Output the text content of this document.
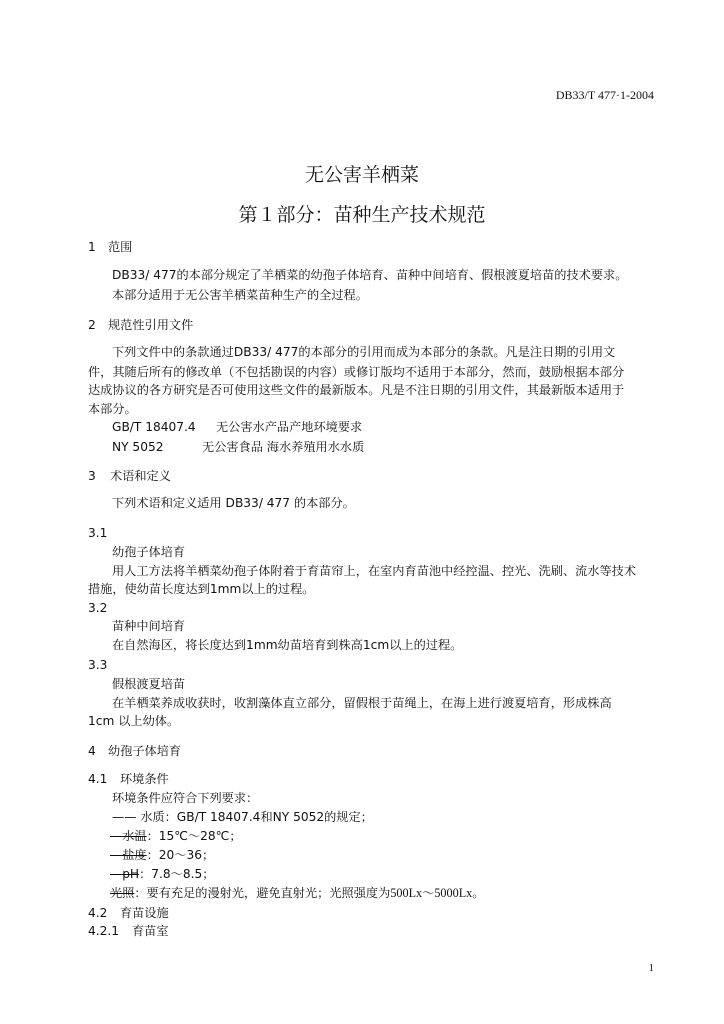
DB33/T 477·1-2004
无公害羊栖菜
第１部分：苗种生产技术规范
1 范围
DB33/ 477的本部分规定了羊栖菜的幼孢子体培育、苗种中间培育、假根渡夏培苗的技术要求。
本部分适用于无公害羊栖菜苗种生产的全过程。
2 规范性引用文件
下列文件中的条款通过DB33/ 477的本部分的引用而成为本部分的条款。凡是注日期的引用文
件，其随后所有的修改单（不包括勘误的内容）或修订版均不适用于本部分，然而，鼓励根据本部分
达成协议的各方研究是否可使用这些文件的最新版本。凡是不注日期的引用文件，其最新版本适用于
本部分。
GB/T 18407.4 无公害水产品产地环境要求
NY 5052	无公害食品 海水养殖用水水质
3 术语和定义
下列术语和定义适用 DB33/ 477 的本部分。
3.1
幼孢子体培育
用人工方法将羊栖菜幼孢子体附着于育苗帘上，在室内育苗池中经控温、控光、洗刷、流水等技术
措施，使幼苗长度达到1mm以上的过程。
3.2
苗种中间培育
在自然海区，将长度达到1mm幼苗培育到株高1cm以上的过程。
3.3
假根渡夏培苗
在羊栖菜养成收获时，收割藻体直立部分，留假根于苗绳上，在海上进行渡夏培育，形成株高
1cm 以上幼体。
4 幼孢子体培育
4.1 环境条件
环境条件应符合下列要求：
—— 水质：GB/T 18407.4和NY 5052的规定；
—水温：15℃～28℃；
—盐度：20～36；
—pH：7.8～8.5；
光照：要有充足的漫射光，避免直射光；光照强度为500Lx～5000Lx。
4.2 育苗设施
4.2.1 育苗室
1
